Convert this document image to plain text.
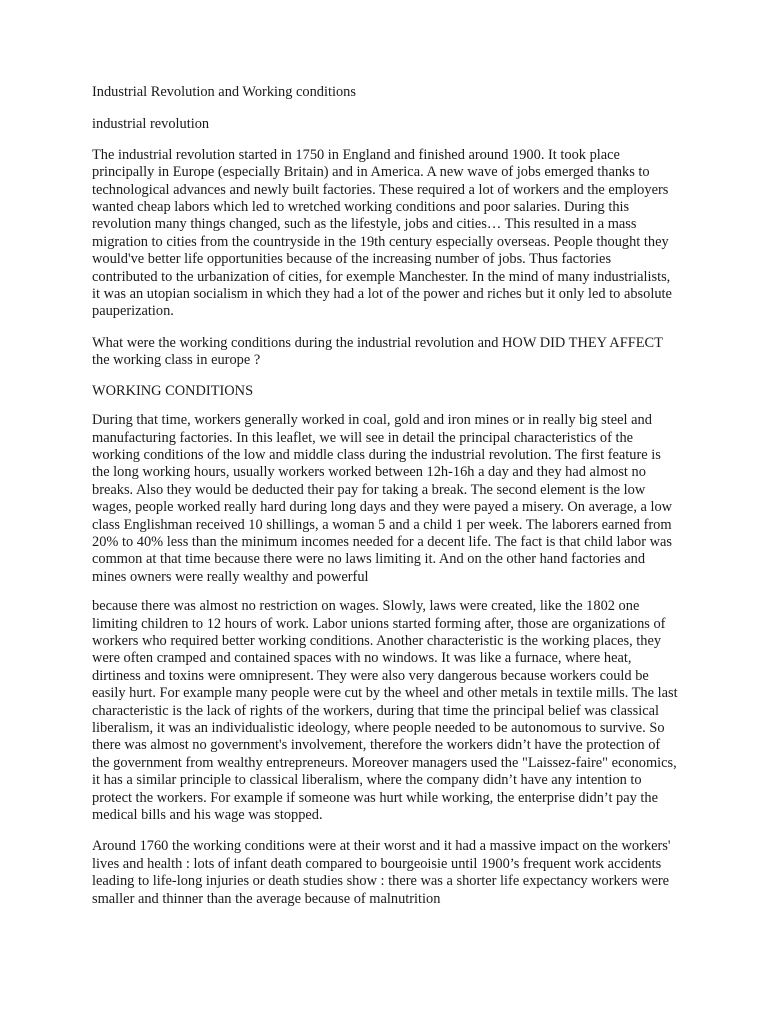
Industrial Revolution and Working conditions

industrial revolution

The industrial revolution started in 1750 in England and finished around 1900. It took place principally in Europe (especially Britain) and in America. A new wave of jobs emerged thanks to technological advances and newly built factories. These required a lot of workers and the employers wanted cheap labors which led to wretched working conditions and poor salaries. During this revolution many things changed, such as the lifestyle, jobs and cities… This resulted in a mass migration to cities from the countryside in the 19th century especially overseas. People thought they would've better life opportunities because of the increasing number of jobs. Thus factories contributed to the urbanization of cities, for exemple Manchester. In the mind of many industrialists, it was an utopian socialism in which they had a lot of the power and riches but it only led to absolute pauperization.

What were the working conditions during the industrial revolution and HOW DID THEY AFFECT the working class in europe ?

WORKING CONDITIONS

During that time, workers generally worked in coal, gold and iron mines or in really big steel and manufacturing factories. In this leaflet, we will see in detail the principal characteristics of the working conditions of the low and middle class during the industrial revolution. The first feature is the long working hours, usually workers worked between 12h-16h a day and they had almost no breaks. Also they would be deducted their pay for taking a break. The second element is the low wages, people worked really hard during long days and they were payed a misery. On average, a low class Englishman received 10 shillings, a woman 5 and a child 1 per week. The laborers earned from 20% to 40% less than the minimum incomes needed for a decent life. The fact is that child labor was common at that time because there were no laws limiting it. And on the other hand factories and mines owners were really wealthy and powerful

because there was almost no restriction on wages. Slowly, laws were created, like the 1802 one limiting children to 12 hours of work. Labor unions started forming after, those are organizations of workers who required better working conditions. Another characteristic is the working places, they were often cramped and contained spaces with no windows. It was like a furnace, where heat, dirtiness and toxins were omnipresent. They were also very dangerous because workers could be easily hurt. For example many people were cut by the wheel and other metals in textile mills. The last characteristic is the lack of rights of the workers, during that time the principal belief was classical liberalism, it was an individualistic ideology, where people needed to be autonomous to survive. So there was almost no government's involvement, therefore the workers didn’t have the protection of the government from wealthy entrepreneurs. Moreover managers used the "Laissez-faire" economics, it has a similar principle to classical liberalism, where the company didn’t have any intention to protect the workers. For example if someone was hurt while working, the enterprise didn’t pay the medical bills and his wage was stopped.

Around 1760 the working conditions were at their worst and it had a massive impact on the workers' lives and health : lots of infant death compared to bourgeoisie until 1900’s frequent work accidents leading to life-long injuries or death studies show : there was a shorter life expectancy workers were smaller and thinner than the average because of malnutrition
